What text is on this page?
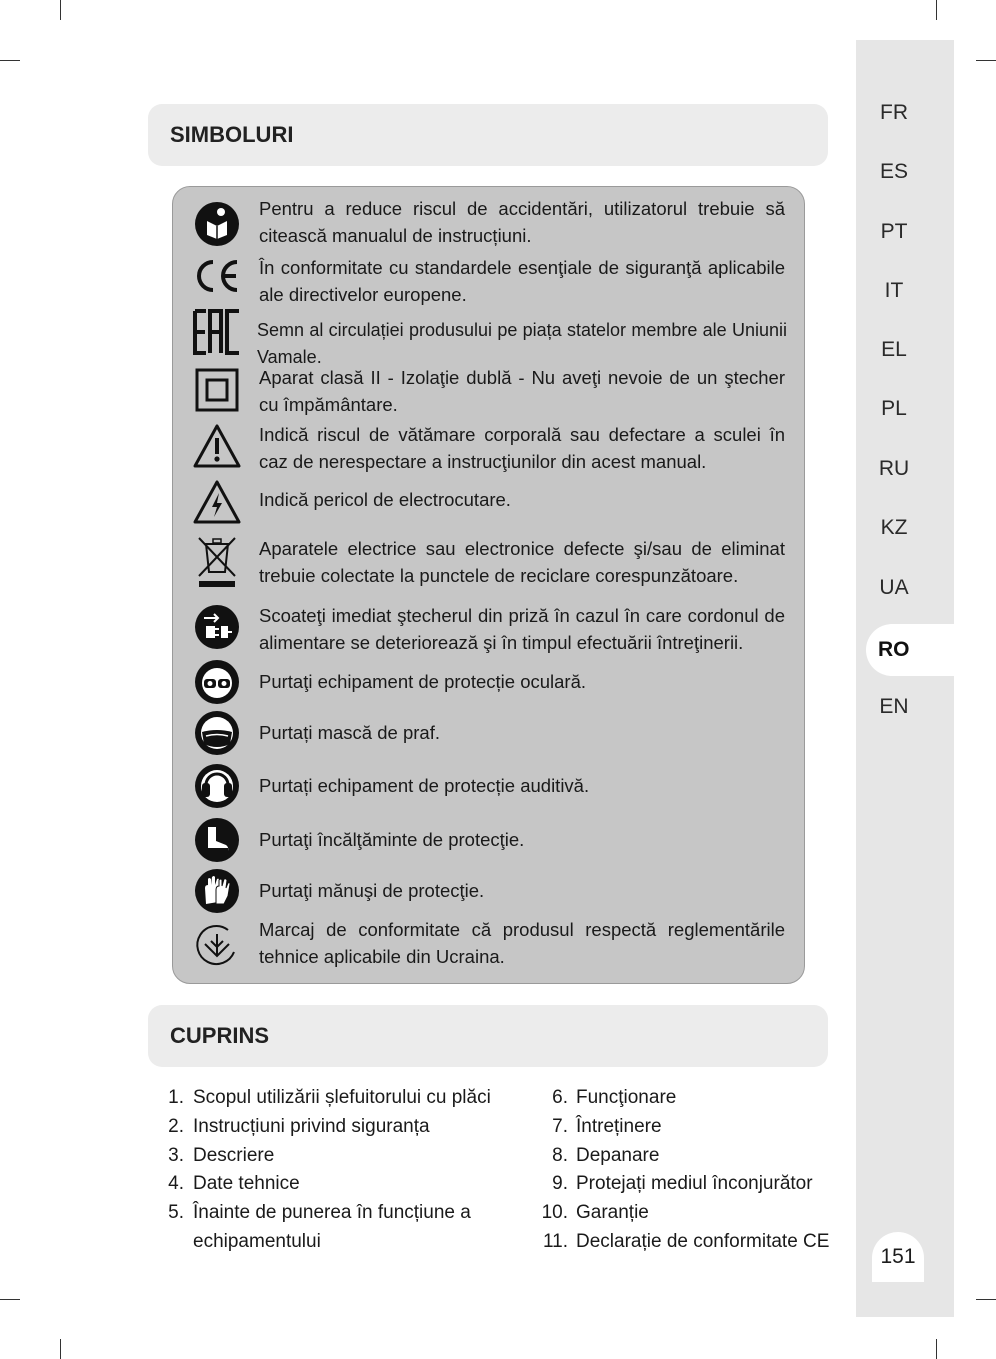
FR
ES
PT
IT
EL
PL
RU
KZ
UA
RO
EN
151
SIMBOLURI
Pentru a reduce riscul de accidentări, utilizatorul trebuie să citească manualul de instrucțiuni.
În conformitate cu standardele esenţiale de siguranţă aplicabile ale directivelor europene.
Semn al circulației produsului pe piața statelor membre ale Uniunii Vamale.
Aparat clasă II - Izolaţie dublă - Nu aveţi nevoie de un ştecher cu împământare.
Indică riscul de vătămare corporală sau defectare a sculei în caz de nerespectare a instrucţiunilor din acest manual.
Indică pericol de electrocutare.
Aparatele electrice sau electronice defecte şi/sau de eliminat trebuie colectate la punctele de reciclare corespunzătoare.
Scoateţi imediat ştecherul din priză în cazul în care cordonul de alimentare se deteriorează şi în timpul efectuării întreţinerii.
Purtaţi echipament de protecție oculară.
Purtați mască de praf.
Purtați echipament de protecție auditivă.
Purtaţi încălţăminte de protecţie.
Purtaţi mănuşi de protecţie.
Marcaj de conformitate că produsul respectă reglementările tehnice aplicabile din Ucraina.
CUPRINS
1. Scopul utilizării șlefuitorului cu plăci
2. Instrucțiuni privind siguranța
3. Descriere
4. Date tehnice
5. Înainte de punerea în funcțiune a
echipamentului
6. Funcţionare
7. Întreținere
8. Depanare
9. Protejați mediul înconjurător
10. Garanție
11. Declarație de conformitate CE
